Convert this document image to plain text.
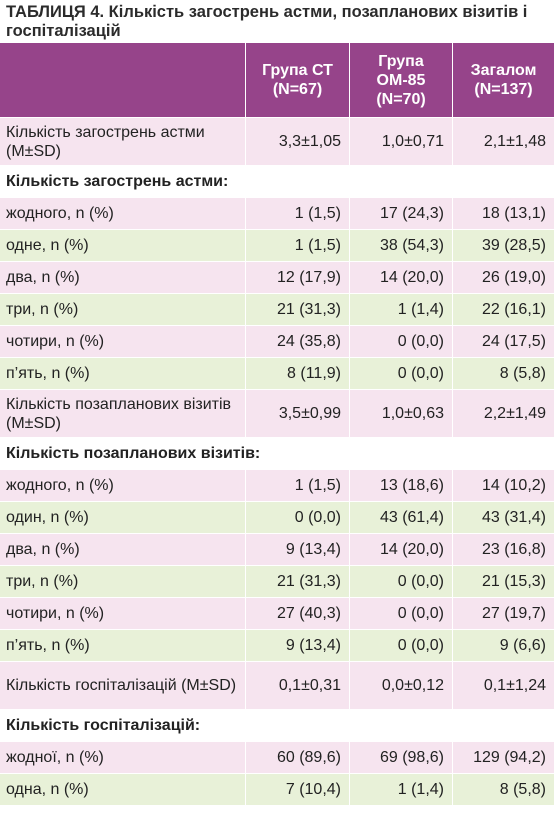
ТАБЛИЦЯ 4. Кількість загострень астми, позапланових візитів і госпіталізацій
	Група СТ (N=67)	Група ОМ-85 (N=70)	Загалом (N=137)
Кількість загострень астми (M±SD)	3,3±1,05	1,0±0,71	2,1±1,48
Кількість загострень астми:			
жодного, n (%)	1 (1,5)	17 (24,3)	18 (13,1)
одне, n (%)	1 (1,5)	38 (54,3)	39 (28,5)
два, n (%)	12 (17,9)	14 (20,0)	26 (19,0)
три, n (%)	21 (31,3)	1 (1,4)	22 (16,1)
чотири, n (%)	24 (35,8)	0 (0,0)	24 (17,5)
п’ять, n (%)	8 (11,9)	0 (0,0)	8 (5,8)
Кількість позапланових візитів (M±SD)	3,5±0,99	1,0±0,63	2,2±1,49
Кількість позапланових візитів:			
жодного, n (%)	1 (1,5)	13 (18,6)	14 (10,2)
один, n (%)	0 (0,0)	43 (61,4)	43 (31,4)
два, n (%)	9 (13,4)	14 (20,0)	23 (16,8)
три, n (%)	21 (31,3)	0 (0,0)	21 (15,3)
чотири, n (%)	27 (40,3)	0 (0,0)	27 (19,7)
п’ять, n (%)	9 (13,4)	0 (0,0)	9 (6,6)
Кількість госпіталізацій (M±SD)	0,1±0,31	0,0±0,12	0,1±1,24
Кількість госпіталізацій:			
жодної, n (%)	60 (89,6)	69 (98,6)	129 (94,2)
одна, n (%)	7 (10,4)	1 (1,4)	8 (5,8)
